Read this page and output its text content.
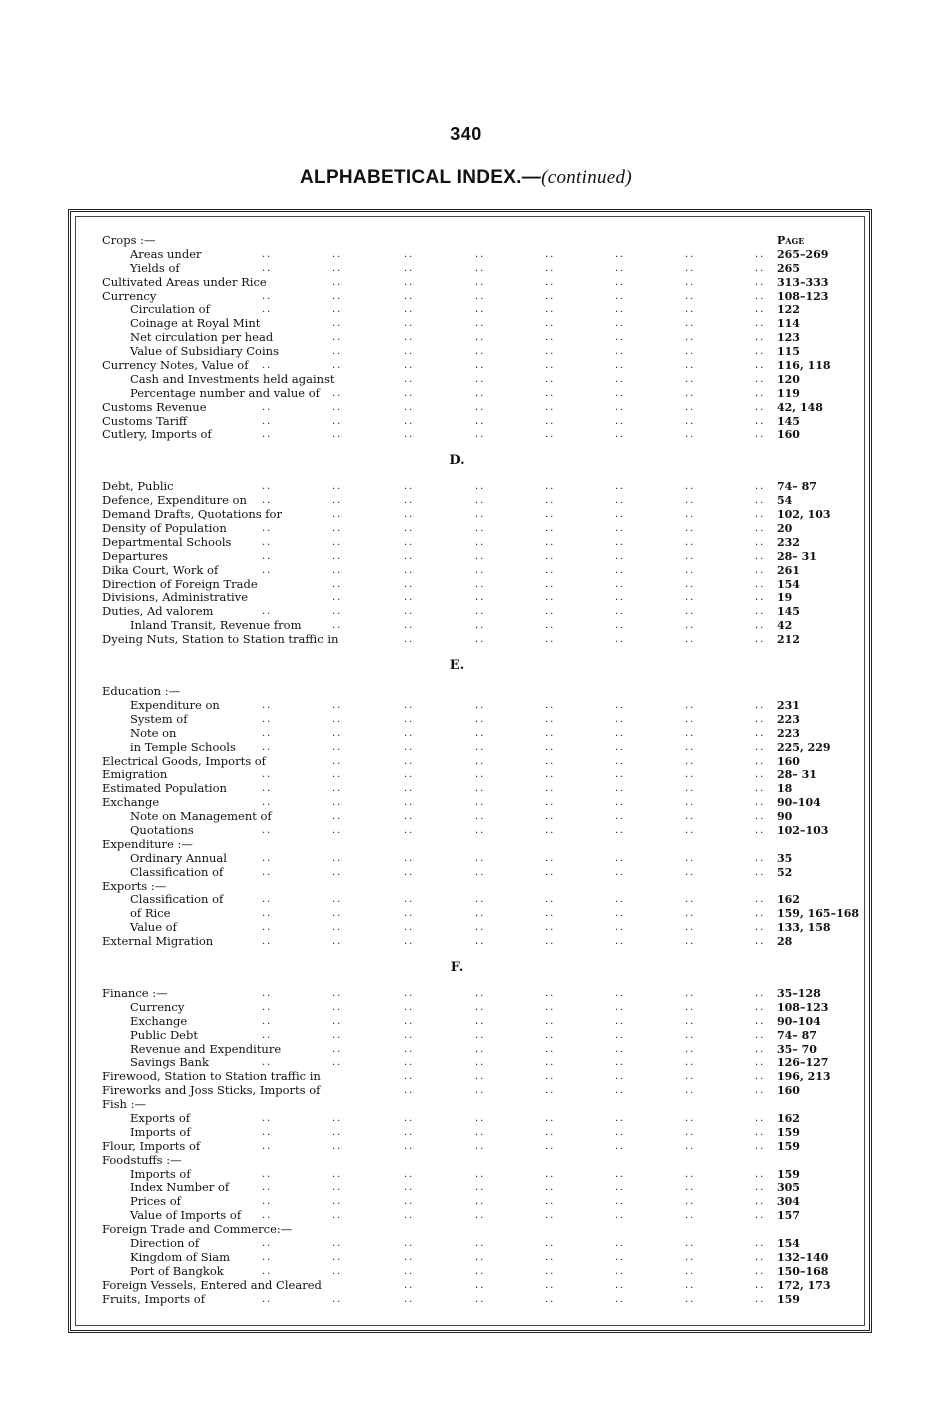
340
ALPHABETICAL INDEX.—(continued)
Crops :—	Page
Areas under	..	..	..	..	..	..	..	.. 265–269
Yields of	..	..	..	..	..	..	..	.. 265
Cultivated Areas under Rice	..	..	..	..	..	..	.. 313–333
Currency	..	..	..	..	..	..	..	.. 108–123
Circulation of	..	..	..	..	..	..	..	.. 122
Coinage at Royal Mint	..	..	..	..	..	..	.. 114
Net circulation per head	..	..	..	..	..	..	.. 123
Value of Subsidiary Coins	..	..	..	..	..	..	.. 115
Currency Notes, Value of ..	..	..	..	..	..	..	.. 116, 118
Cash and Investments held against	..	..	..	..	..	.. 120
Percentage number and value of ..	..	..	..	..	..	.. 119
Customs Revenue	..	..	..	..	..	..	..	.. 42, 148
Customs Tariff	..	..	..	..	..	..	..	.. 145
Cutlery, Imports of	..	..	..	..	..	..	..	.. 160
D.
Debt, Public	..	..	..	..	..	..	..	.. 74– 87
Defence, Expenditure on ..	..	..	..	..	..	..	.. 54
Demand Drafts, Quotations for	..	..	..	..	..	..	.. 102, 103
Density of Population	..	..	..	..	..	..	..	.. 20
Departmental Schools	..	..	..	..	..	..	..	.. 232
Departures	..	..	..	..	..	..	..	.. 28– 31
Dika Court, Work of	..	..	..	..	..	..	..	.. 261
Direction of Foreign Trade	..	..	..	..	..	..	.. 154
Divisions, Administrative	..	..	..	..	..	..	.. 19
Duties, Ad valorem	..	..	..	..	..	..	..	.. 145
Inland Transit, Revenue from	..	..	..	..	..	..	.. 42
Dyeing Nuts, Station to Station traffic in	..	..	..	..	..	.. 212
E.
Education :—
Expenditure on	..	..	..	..	..	..	..	.. 231
System of	..	..	..	..	..	..	..	.. 223
Note on	..	..	..	..	..	..	..	.. 223
in Temple Schools	..	..	..	..	..	..	..	.. 225, 229
Electrical Goods, Imports of	..	..	..	..	..	..	.. 160
Emigration	..	..	..	..	..	..	..	.. 28– 31
Estimated Population	..	..	..	..	..	..	..	.. 18
Exchange	..	..	..	..	..	..	..	.. 90–104
Note on Management of	..	..	..	..	..	..	.. 90
Quotations	..	..	..	..	..	..	..	.. 102–103
Expenditure :—
Ordinary Annual	..	..	..	..	..	..	..	.. 35
Classification of	..	..	..	..	..	..	..	.. 52
Exports :—
Classification of	..	..	..	..	..	..	..	.. 162
of Rice	..	..	..	..	..	..	..	.. 159, 165–168
Value of	..	..	..	..	..	..	..	.. 133, 158
External Migration	..	..	..	..	..	..	..	.. 28
F.
Finance :—	..	..	..	..	..	..	..	.. 35–128
Currency	..	..	..	..	..	..	..	.. 108–123
Exchange	..	..	..	..	..	..	..	.. 90–104
Public Debt	..	..	..	..	..	..	..	.. 74– 87
Revenue and Expenditure	..	..	..	..	..	..	.. 35– 70
Savings Bank	..	..	..	..	..	..	..	.. 126–127
Firewood, Station to Station traffic in	..	..	..	..	..	.. 196, 213
Fireworks and Joss Sticks, Imports of	..	..	..	..	..	.. 160
Fish :—
Exports of	..	..	..	..	..	..	..	.. 162
Imports of	..	..	..	..	..	..	..	.. 159
Flour, Imports of	..	..	..	..	..	..	..	.. 159
Foodstuffs :—
Imports of	..	..	..	..	..	..	..	.. 159
Index Number of	..	..	..	..	..	..	..	.. 305
Prices of	..	..	..	..	..	..	..	.. 304
Value of Imports of ..	..	..	..	..	..	..	.. 157
Foreign Trade and Commerce:—
Direction of	..	..	..	..	..	..	..	.. 154
Kingdom of Siam	..	..	..	..	..	..	..	.. 132–140
Port of Bangkok	..	..	..	..	..	..	..	.. 150–168
Foreign Vessels, Entered and Cleared	..	..	..	..	..	.. 172, 173
Fruits, Imports of	..	..	..	..	..	..	..	.. 159
